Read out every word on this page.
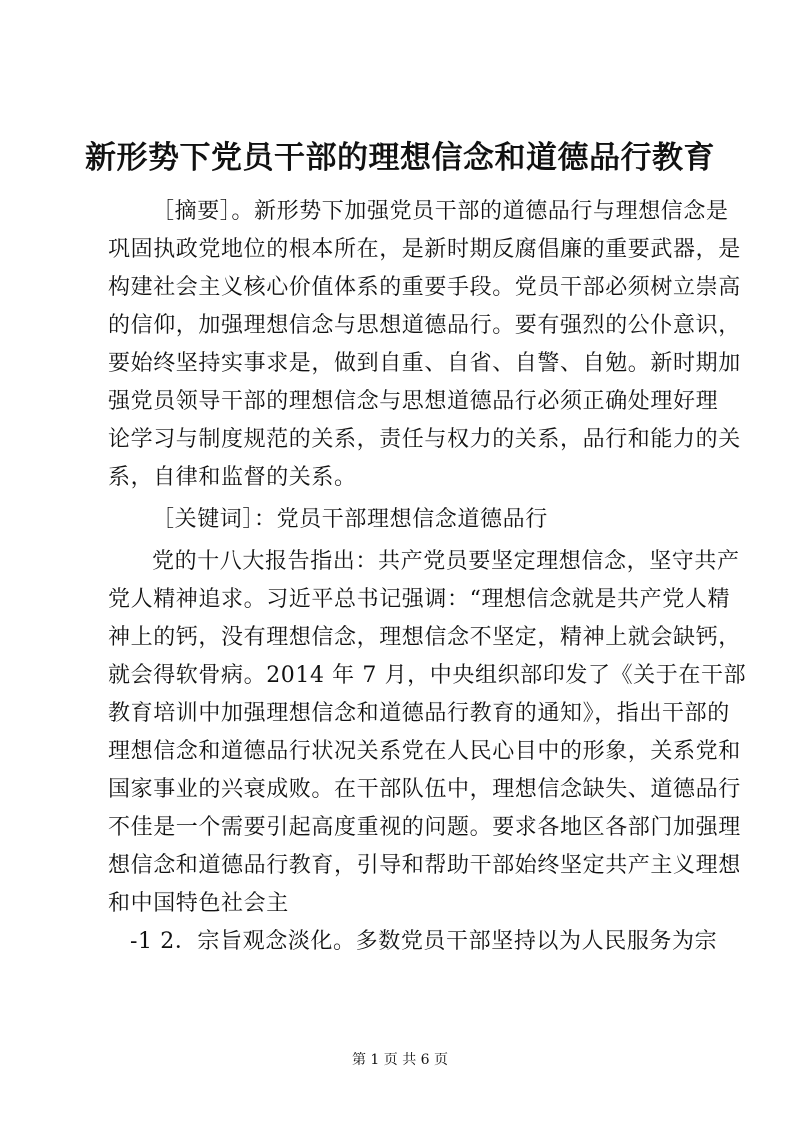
新形势下党员干部的理想信念和道德品行教育
［摘要］。新形势下加强党员干部的道德品行与理想信念是
巩固执政党地位的根本所在，是新时期反腐倡廉的重要武器，是
构建社会主义核心价值体系的重要手段。党员干部必须树立崇高
的信仰，加强理想信念与思想道德品行。要有强烈的公仆意识，
要始终坚持实事求是，做到自重、自省、自警、自勉。新时期加
强党员领导干部的理想信念与思想道德品行必须正确处理好理
论学习与制度规范的关系，责任与权力的关系，品行和能力的关
系，自律和监督的关系。
［关键词］：党员干部理想信念道德品行
党的十八大报告指出：共产党员要坚定理想信念，坚守共产
党人精神追求。习近平总书记强调：“理想信念就是共产党人精
神上的钙，没有理想信念，理想信念不坚定，精神上就会缺钙，
就会得软骨病。2014 年 7 月，中央组织部印发了《关于在干部
教育培训中加强理想信念和道德品行教育的通知》，指出干部的
理想信念和道德品行状况关系党在人民心目中的形象，关系党和
国家事业的兴衰成败。在干部队伍中，理想信念缺失、道德品行
不佳是一个需要引起高度重视的问题。要求各地区各部门加强理
想信念和道德品行教育，引导和帮助干部始终坚定共产主义理想
和中国特色社会主
-1 2．宗旨观念淡化。多数党员干部坚持以为人民服务为宗
第 1 页 共 6 页
